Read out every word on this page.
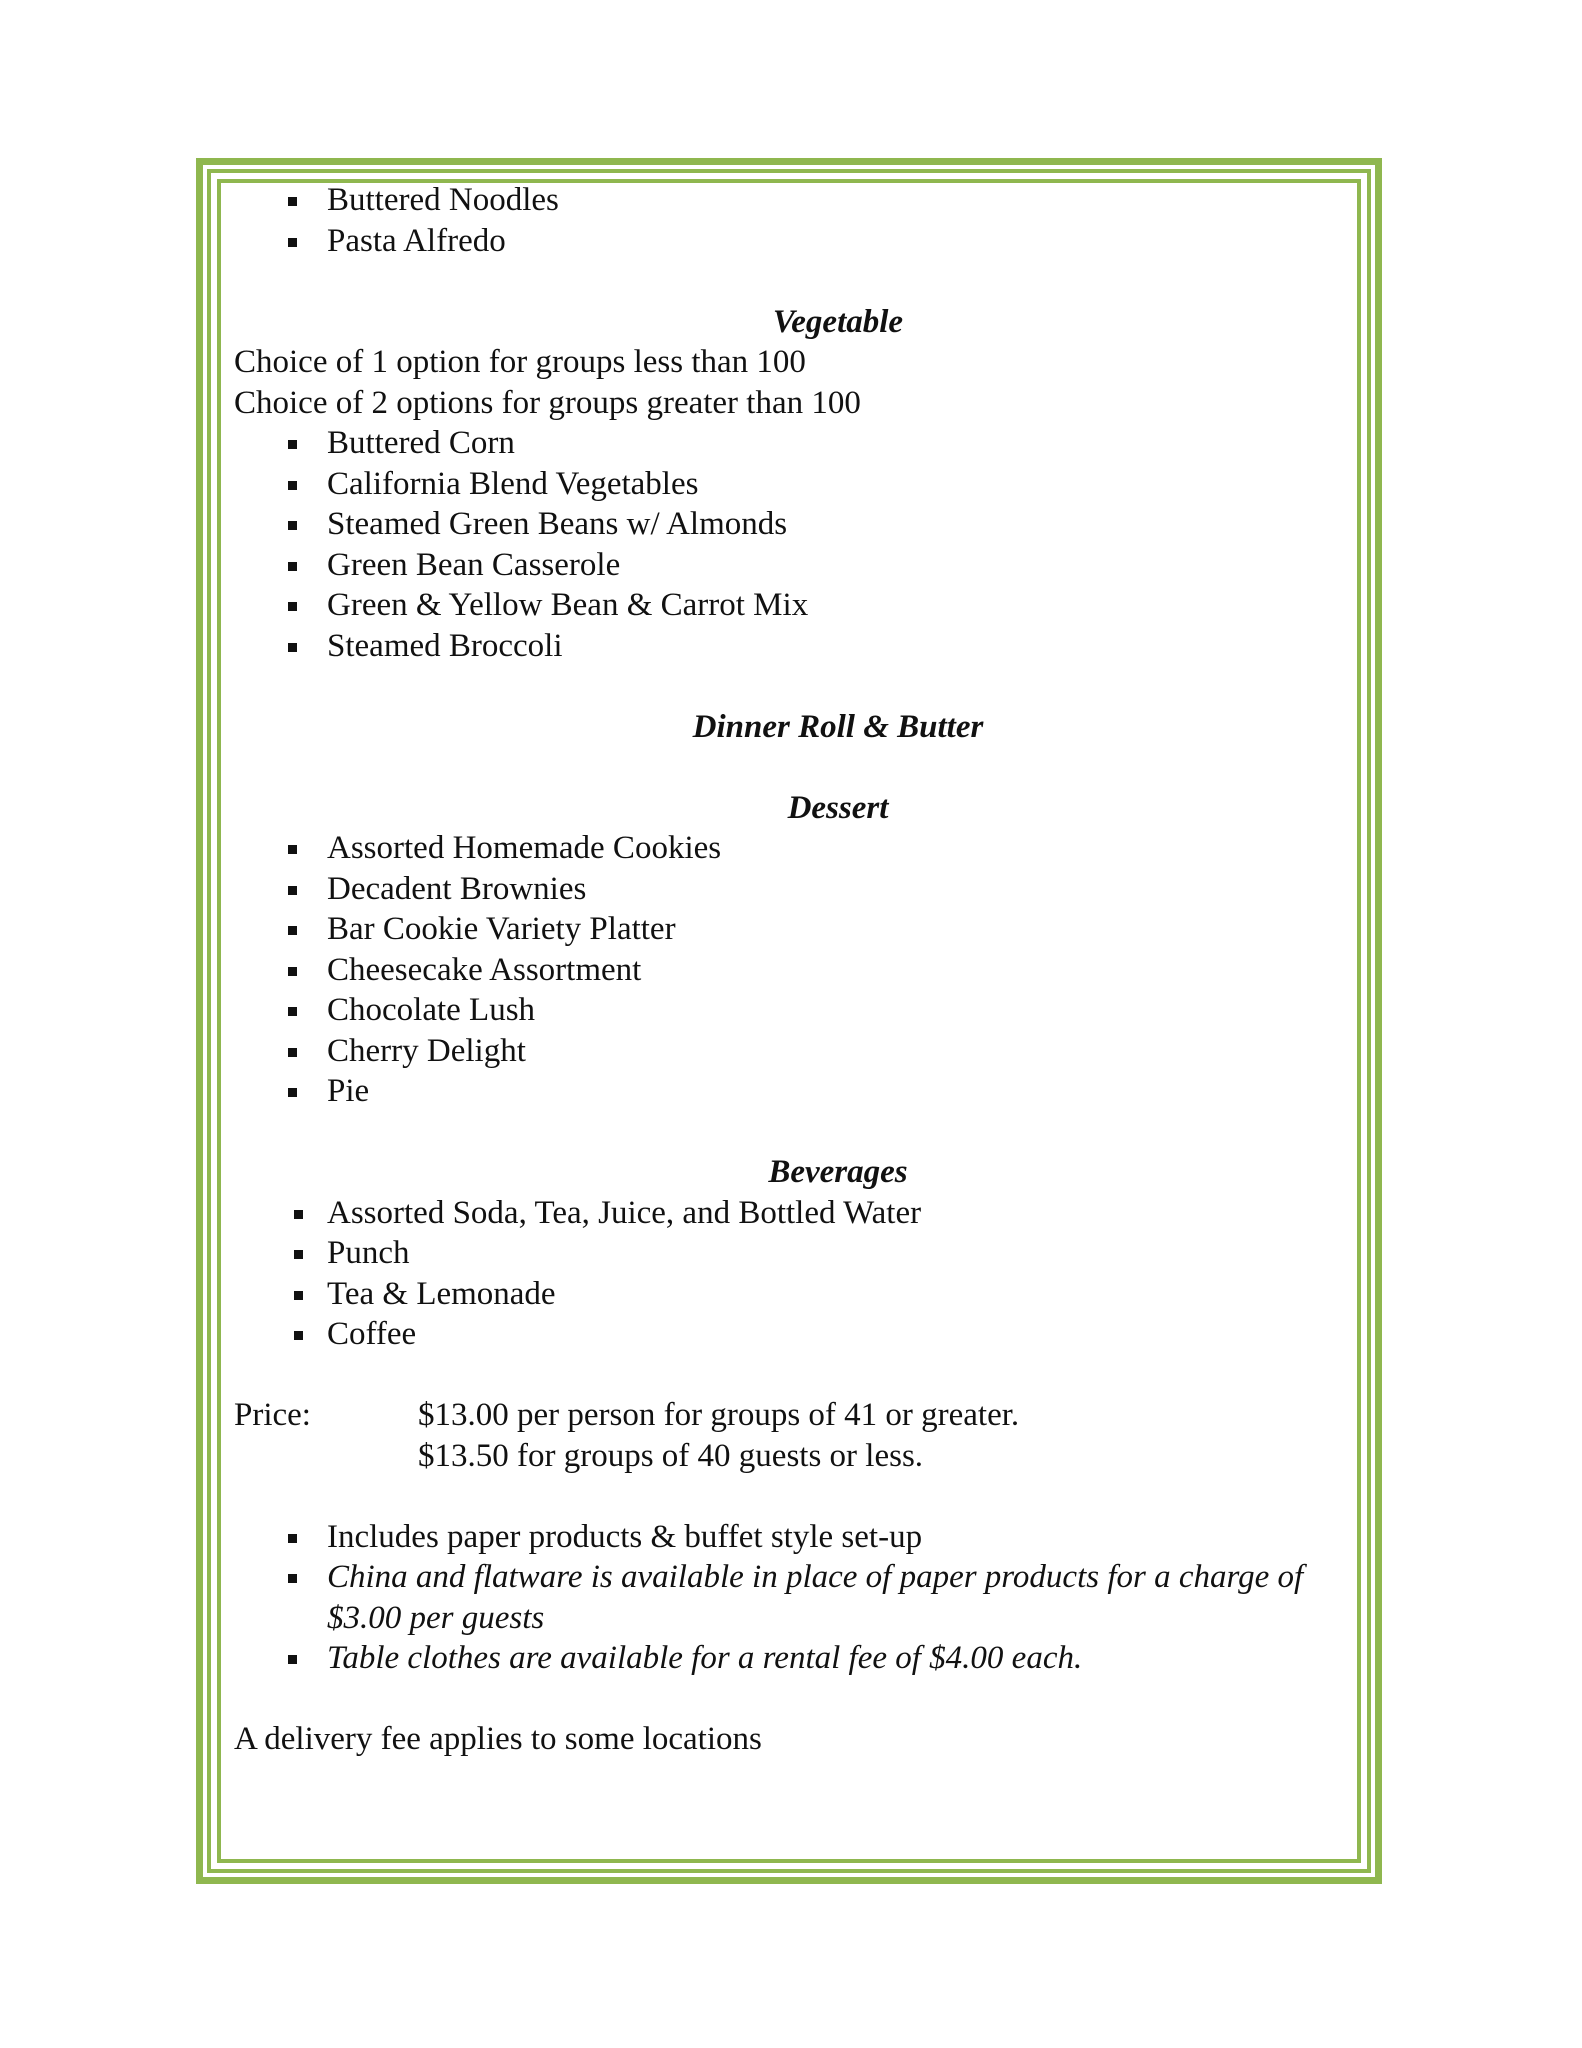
Buttered Noodles
Pasta Alfredo
Vegetable
Choice of 1 option for groups less than 100
Choice of 2 options for groups greater than 100
Buttered Corn
California Blend Vegetables
Steamed Green Beans w/ Almonds
Green Bean Casserole
Green & Yellow Bean & Carrot Mix
Steamed Broccoli
Dinner Roll & Butter
Dessert
Assorted Homemade Cookies
Decadent Brownies
Bar Cookie Variety Platter
Cheesecake Assortment
Chocolate Lush
Cherry Delight
Pie
Beverages
Assorted Soda, Tea, Juice, and Bottled Water
Punch
Tea & Lemonade
Coffee
Price:	$13.00 per person for groups of 41 or greater.
$13.50 for groups of 40 guests or less.
Includes paper products & buffet style set-up
China and flatware is available in place of paper products for a charge of
$3.00 per guests
Table clothes are available for a rental fee of $4.00 each.
A delivery fee applies to some locations
